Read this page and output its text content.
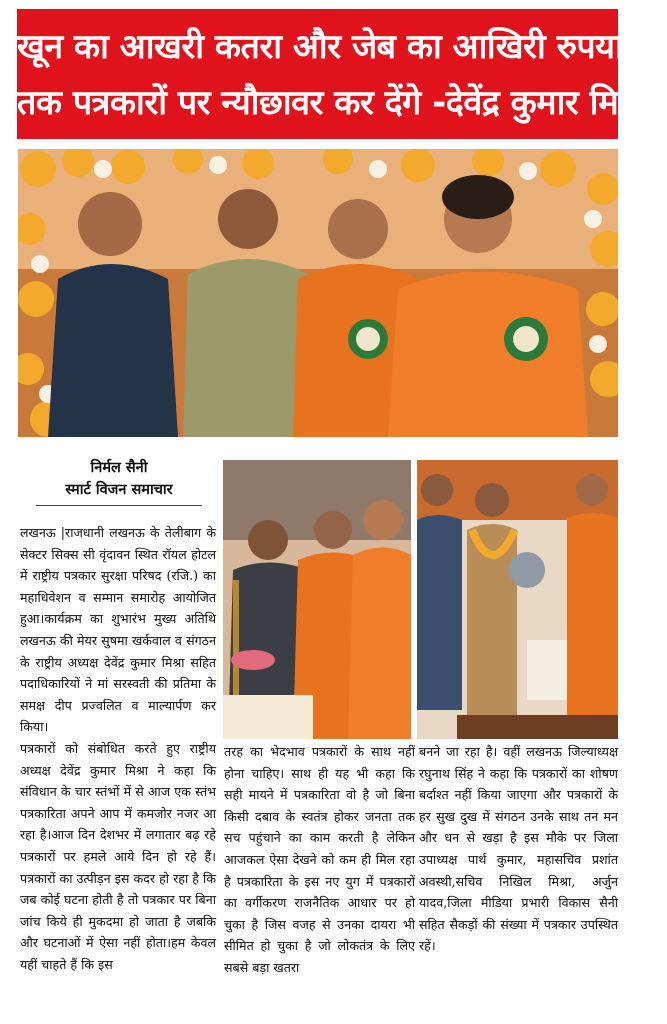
खून का आखरी कतरा और जेब का आखिरी रुपया
तक पत्रकारों पर न्यौछावर कर देंगे -देवेंद्र कुमार मिश्रा
निर्मल सैनी
स्मार्ट विजन समाचार

लखनऊ |राजधानी लखनऊ के तेलीबाग के सेक्टर सिक्स सी वृंदावन स्थित रॉयल होटल में राष्ट्रीय पत्रकार सुरक्षा परिषद (रजि.) का महाधिवेशन व सम्मान समारोह आयोजित हुआ।कार्यक्रम का शुभारंभ मुख्य अतिथि लखनऊ की मेयर सुषमा खर्कवाल व संगठन के राष्ट्रीय अध्यक्ष देवेंद्र कुमार मिश्रा सहित पदाधिकारियों ने मां सरस्वती की प्रतिमा के समक्ष दीप प्रज्वलित व माल्यार्पण कर किया।

पत्रकारों को संबोधित करते हुए राष्ट्रीय अध्यक्ष देवेंद्र कुमार मिश्रा ने कहा कि संविधान के चार स्तंभों में से आज एक स्तंभ पत्रकारिता अपने आप में कमजोर नजर आ रहा है।आज दिन देशभर में लगातार बढ़ रहे पत्रकारों पर हमले आये दिन हो रहे हैं।पत्रकारों का उत्पीड़न इस कदर हो रहा है कि जब कोई घटना होती है तो पत्रकार पर बिना जांच किये ही मुकदमा हो जाता है जबकि और घटनाओं में ऐसा नहीं होता।हम केवल यहीं चाहते हैं कि इस

तरह का भेदभाव पत्रकारों के साथ नहीं होना चाहिए। साथ ही यह भी कहा कि सही मायने में पत्रकारिता वो है जो बिना किसी दबाव के स्वतंत्र होकर जनता तक सच पहुंचाने का काम करती है लेकिन आजकल ऐसा देखने को कम ही मिल रहा है पत्रकारिता के इस नए युग में पत्रकारों का वर्गीकरण राजनैतिक आधार पर हो चुका है जिस वजह से उनका दायरा भी सीमित हो चुका है जो लोकतंत्र के लिए सबसे बड़ा खतरा

बनने जा रहा है। वहीं लखनऊ जिल्याध्यक्ष रघुनाथ सिंह ने कहा कि पत्रकारों का शोषण बर्दाश्त नहीं किया जाएगा और पत्रकारों के हर सुख दुख में संगठन उनके साथ तन मन और धन से खड़ा है इस मौके पर जिला उपाध्यक्ष पार्थ कुमार, महासचिव प्रशांत अवस्थी,सचिव निखिल मिश्रा, अर्जुन यादव,जिला मीडिया प्रभारी विकास सैनी सहित सैकड़ों की संख्या में पत्रकार उपस्थित रहें।
